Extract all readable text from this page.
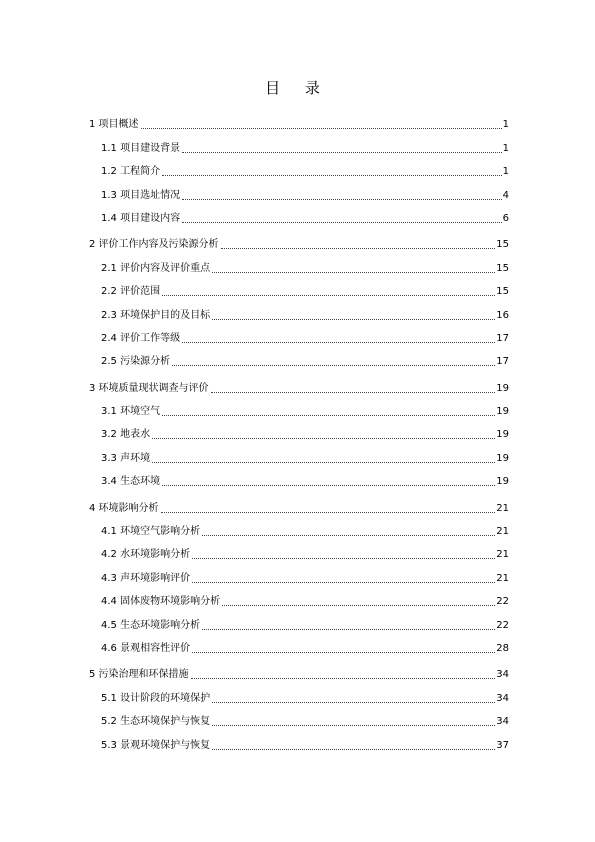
目 录
1 项目概述	1
1.1 项目建设背景	1
1.2 工程简介	1
1.3 项目选址情况	4
1.4 项目建设内容	6
2 评价工作内容及污染源分析	15
2.1 评价内容及评价重点	15
2.2 评价范围	15
2.3 环境保护目的及目标	16
2.4 评价工作等级	17
2.5 污染源分析	17
3 环境质量现状调查与评价	19
3.1 环境空气	19
3.2 地表水	19
3.3 声环境	19
3.4 生态环境	19
4 环境影响分析	21
4.1 环境空气影响分析	21
4.2 水环境影响分析	21
4.3 声环境影响评价	21
4.4 固体废物环境影响分析	22
4.5 生态环境影响分析	22
4.6 景观相容性评价	28
5 污染治理和环保措施	34
5.1 设计阶段的环境保护	34
5.2 生态环境保护与恢复	34
5.3 景观环境保护与恢复	37
